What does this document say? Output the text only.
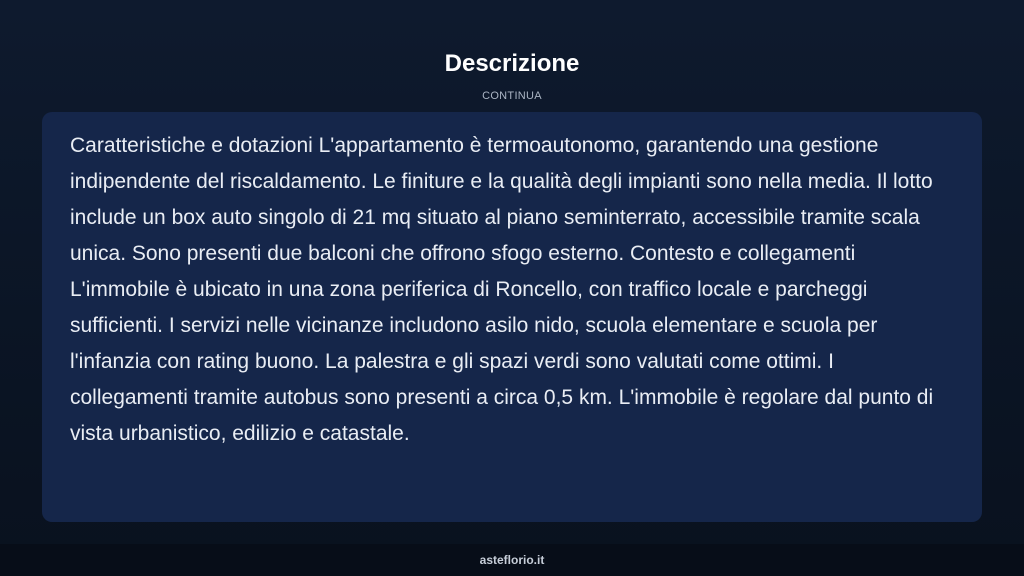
Descrizione
CONTINUA

Caratteristiche e dotazioni L'appartamento è termoautonomo, garantendo una gestione indipendente del riscaldamento. Le finiture e la qualità degli impianti sono nella media. Il lotto include un box auto singolo di 21 mq situato al piano seminterrato, accessibile tramite scala unica. Sono presenti due balconi che offrono sfogo esterno. Contesto e collegamenti L'immobile è ubicato in una zona periferica di Roncello, con traffico locale e parcheggi sufficienti. I servizi nelle vicinanze includono asilo nido, scuola elementare e scuola per l'infanzia con rating buono. La palestra e gli spazi verdi sono valutati come ottimi. I collegamenti tramite autobus sono presenti a circa 0,5 km. L'immobile è regolare dal punto di vista urbanistico, edilizio e catastale.

asteflorio.it
